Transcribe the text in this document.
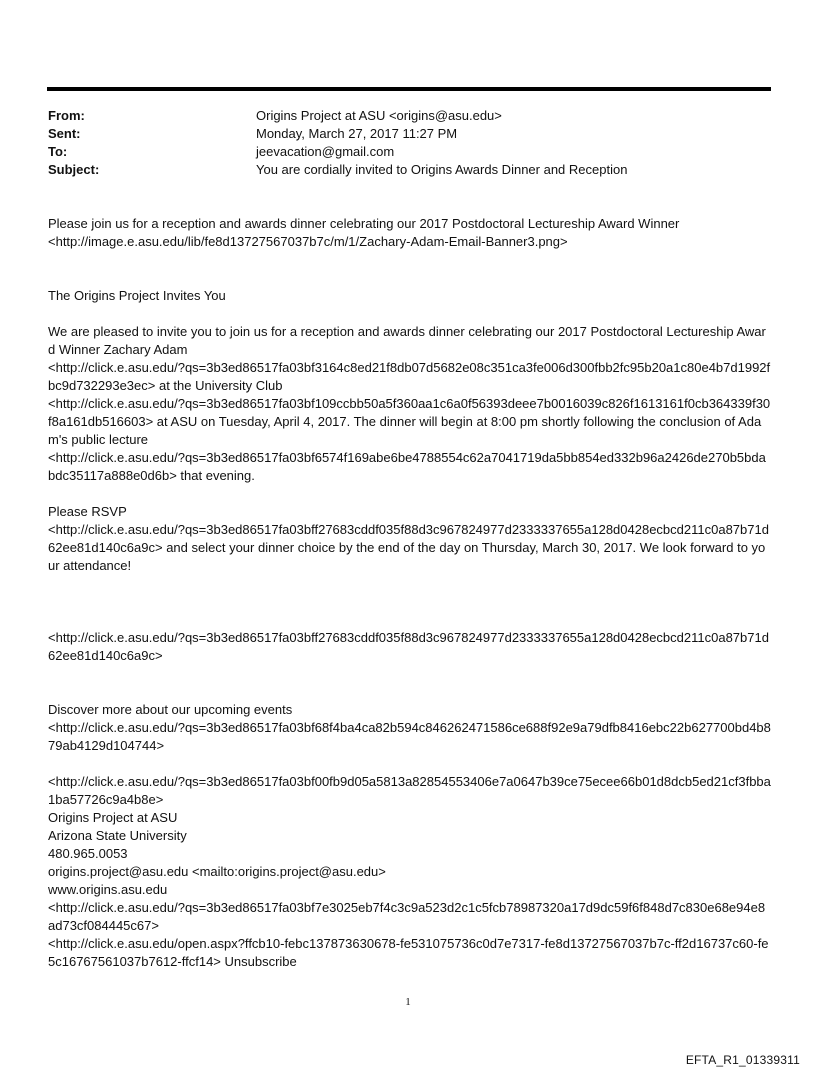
From:	Origins Project at ASU <origins@asu.edu>
Sent:	Monday, March 27, 2017 11:27 PM
To:	jeevacation@gmail.com
Subject:	You are cordially invited to Origins Awards Dinner and Reception

Please join us for a reception and awards dinner celebrating our 2017 Postdoctoral Lectureship Award Winner
<http://image.e.asu.edu/lib/fe8d13727567037b7c/m/1/Zachary-Adam-Email-Banner3.png>

The Origins Project Invites You

We are pleased to invite you to join us for a reception and awards dinner celebrating our 2017 Postdoctoral Lectureship Award Winner Zachary Adam
<http://click.e.asu.edu/?qs=3b3ed86517fa03bf3164c8ed21f8db07d5682e08c351ca3fe006d300fbb2fc95b20a1c80e4b7d1992fbc9d732293e3ec> at the University Club
<http://click.e.asu.edu/?qs=3b3ed86517fa03bf109ccbb50a5f360aa1c6a0f56393deee7b0016039c826f1613161f0cb364339f30f8a161db516603> at ASU on Tuesday, April 4, 2017. The dinner will begin at 8:00 pm shortly following the conclusion of Adam's public lecture
<http://click.e.asu.edu/?qs=3b3ed86517fa03bf6574f169abe6be4788554c62a7041719da5bb854ed332b96a2426de270b5bdabdc35117a888e0d6b> that evening.

Please RSVP
<http://click.e.asu.edu/?qs=3b3ed86517fa03bff27683cddf035f88d3c967824977d2333337655a128d0428ecbcd211c0a87b71d62ee81d140c6a9c> and select your dinner choice by the end of the day on Thursday, March 30, 2017. We look forward to your attendance!

<http://click.e.asu.edu/?qs=3b3ed86517fa03bff27683cddf035f88d3c967824977d2333337655a128d0428ecbcd211c0a87b71d62ee81d140c6a9c>

Discover more about our upcoming events
<http://click.e.asu.edu/?qs=3b3ed86517fa03bf68f4ba4ca82b594c846262471586ce688f92e9a79dfb8416ebc22b627700bd4b879ab4129d104744>

<http://click.e.asu.edu/?qs=3b3ed86517fa03bf00fb9d05a5813a82854553406e7a0647b39ce75ecee66b01d8dcb5ed21cf3fbba1ba57726c9a4b8e>
Origins Project at ASU
Arizona State University
480.965.0053
origins.project@asu.edu <mailto:origins.project@asu.edu>
www.origins.asu.edu
<http://click.e.asu.edu/?qs=3b3ed86517fa03bf7e3025eb7f4c3c9a523d2c1c5fcb78987320a17d9dc59f6f848d7c830e68e94e8ad73cf084445c67>
<http://click.e.asu.edu/open.aspx?ffcb10-febc137873630678-fe531075736c0d7e7317-fe8d13727567037b7c-ff2d16737c60-fe5c16767561037b7612-ffcf14> Unsubscribe

1
EFTA_R1_01339311
